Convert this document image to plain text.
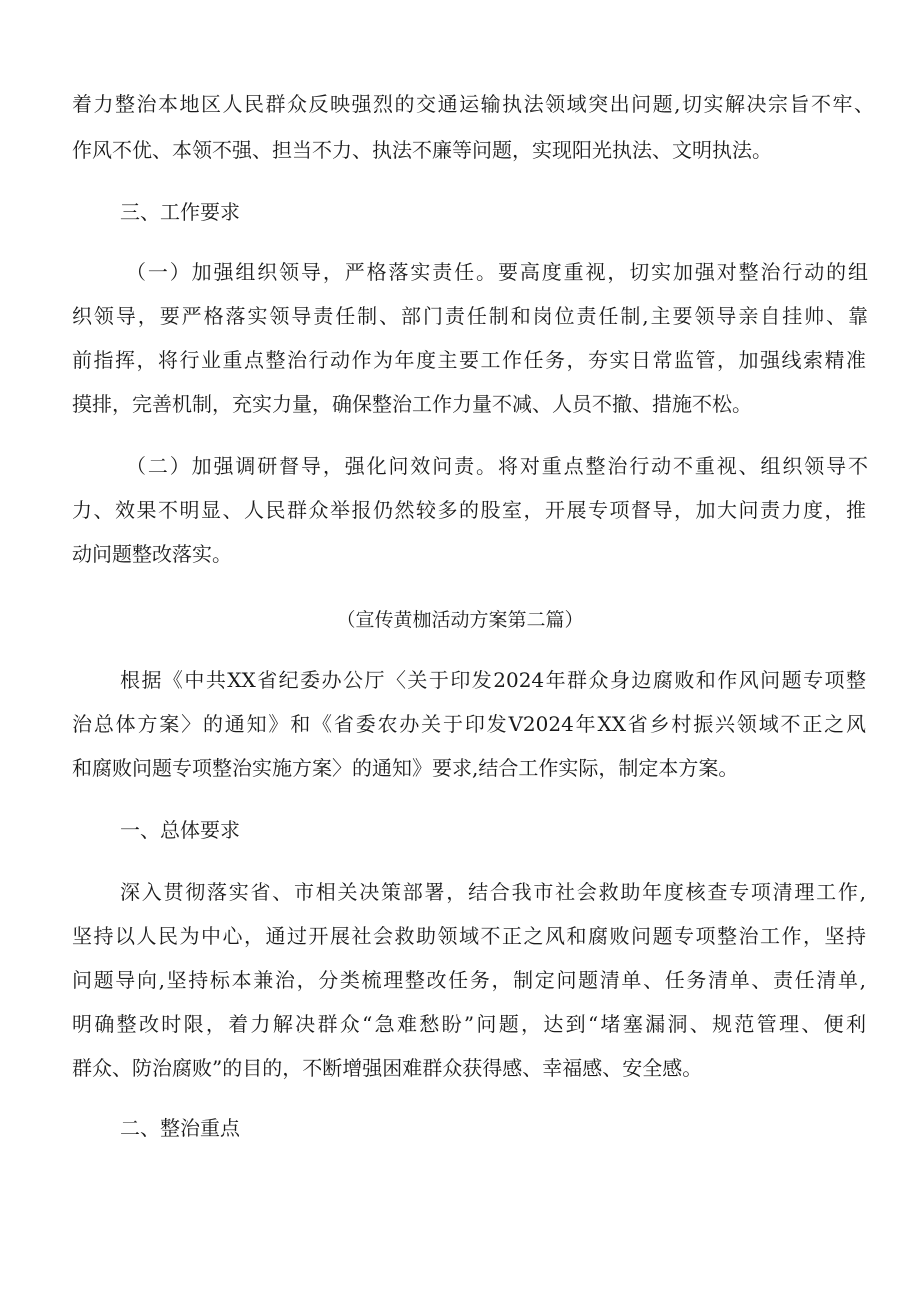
着力整治本地区人民群众反映强烈的交通运输执法领域突出问题,切实解决宗旨不牢、
作风不优、本领不强、担当不力、执法不廉等问题，实现阳光执法、文明执法。
三、工作要求
（一）加强组织领导，严格落实责任。要高度重视，切实加强对整治行动的组
织领导，要严格落实领导责任制、部门责任制和岗位责任制,主要领导亲自挂帅、靠
前指挥，将行业重点整治行动作为年度主要工作任务，夯实日常监管，加强线索精准
摸排，完善机制，充实力量，确保整治工作力量不减、人员不撤、措施不松。
（二）加强调研督导，强化问效问责。将对重点整治行动不重视、组织领导不
力、效果不明显、人民群众举报仍然较多的股室，开展专项督导，加大问责力度，推
动问题整改落实。
（宣传黄枷活动方案第二篇）
根据《中共XX省纪委办公厅〈关于印发2024年群众身边腐败和作风问题专项整
治总体方案〉的通知》和《省委农办关于印发V2024年XX省乡村振兴领域不正之风
和腐败问题专项整治实施方案〉的通知》要求,结合工作实际，制定本方案。
一、总体要求
深入贯彻落实省、市相关决策部署，结合我市社会救助年度核查专项清理工作,
坚持以人民为中心，通过开展社会救助领域不正之风和腐败问题专项整治工作，坚持
问题导向,坚持标本兼治，分类梳理整改任务，制定问题清单、任务清单、责任清单,
明确整改时限，着力解决群众“急难愁盼”问题，达到“堵塞漏洞、规范管理、便利
群众、防治腐败”的目的，不断增强困难群众获得感、幸福感、安全感。
二、整治重点
